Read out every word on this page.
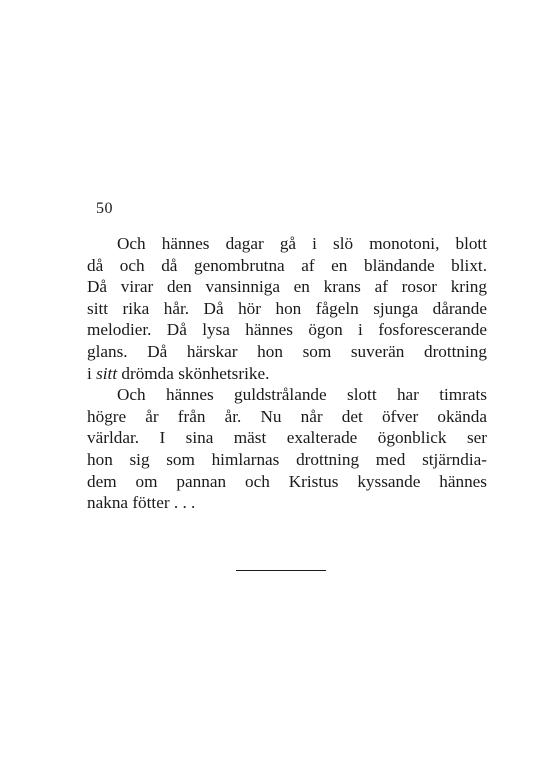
50
Och hännes dagar gå i slö monotoni, blott
då och då genombrutna af en bländande blixt.
Då virar den vansinniga en krans af rosor kring
sitt rika hår. Då hör hon fågeln sjunga dårande
melodier. Då lysa hännes ögon i fosforescerande
glans. Då härskar hon som suverän drottning
i sitt drömda skönhetsrike.
Och hännes guldstrålande slott har timrats
högre år från år. Nu når det öfver okända
världar. I sina mäst exalterade ögonblick ser
hon sig som himlarnas drottning med stjärndia-
dem om pannan och Kristus kyssande hännes
nakna fötter . . .
